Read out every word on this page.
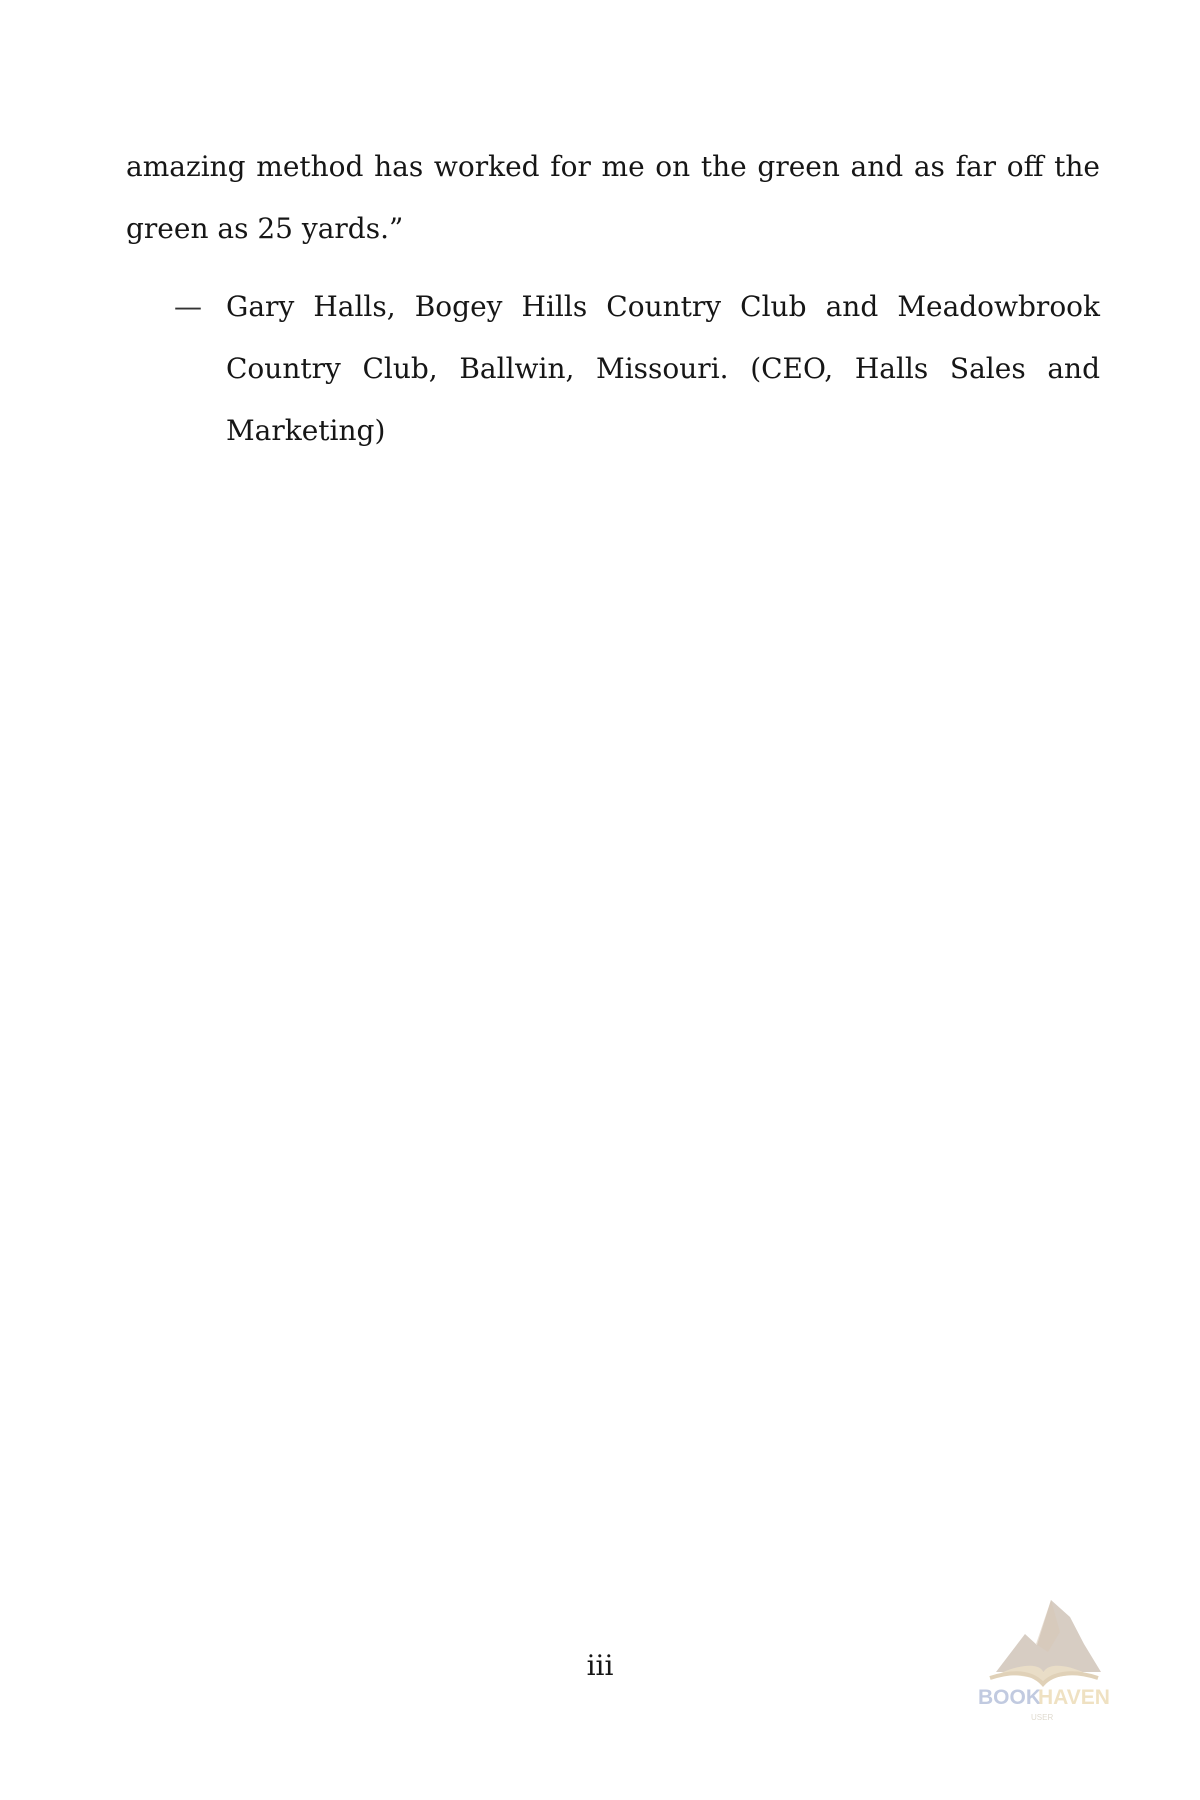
amazing method has worked for me on the green and as far off the green as 25 yards.”

— Gary Halls, Bogey Hills Country Club and Meadowbrook Country Club, Ballwin, Missouri. (CEO, Halls Sales and Marketing)

iii
BOOK
HAVEN
USER
